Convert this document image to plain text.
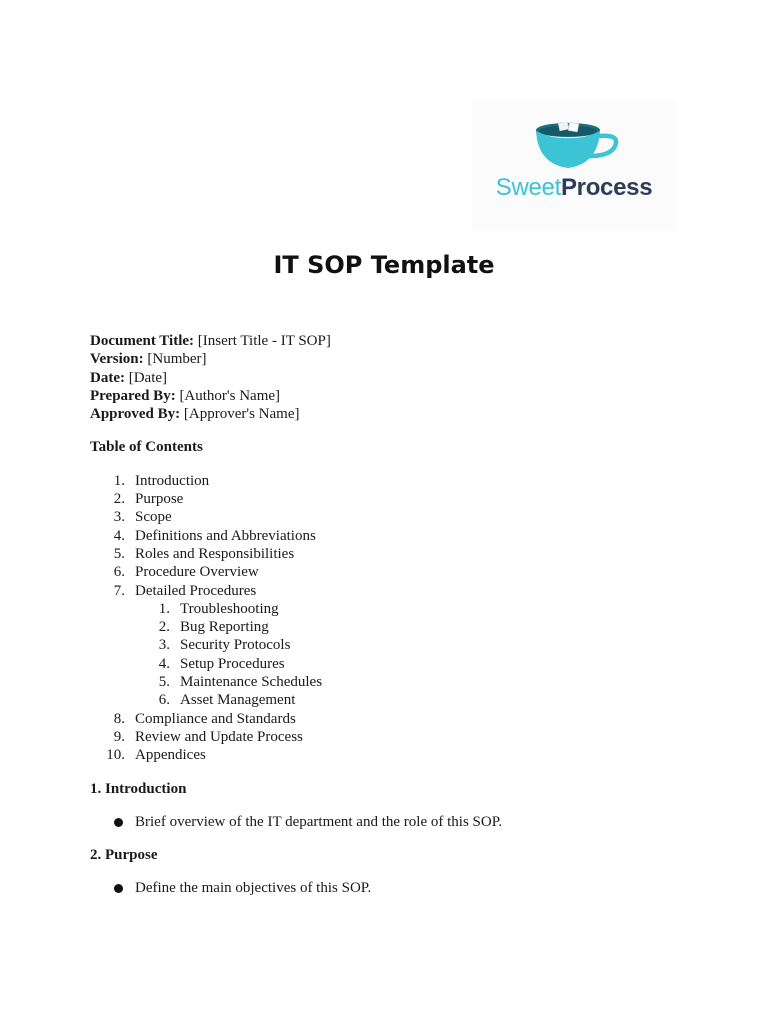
SweetProcess
IT SOP Template
Document Title: [Insert Title - IT SOP]
Version: [Number]
Date: [Date]
Prepared By: [Author's Name]
Approved By: [Approver's Name]
Table of Contents
1. Introduction
2. Purpose
3. Scope
4. Definitions and Abbreviations
5. Roles and Responsibilities
6. Procedure Overview
7. Detailed Procedures
1. Troubleshooting
2. Bug Reporting
3. Security Protocols
4. Setup Procedures
5. Maintenance Schedules
6. Asset Management
8. Compliance and Standards
9. Review and Update Process
10. Appendices
1. Introduction
Brief overview of the IT department and the role of this SOP.
2. Purpose
Define the main objectives of this SOP.
